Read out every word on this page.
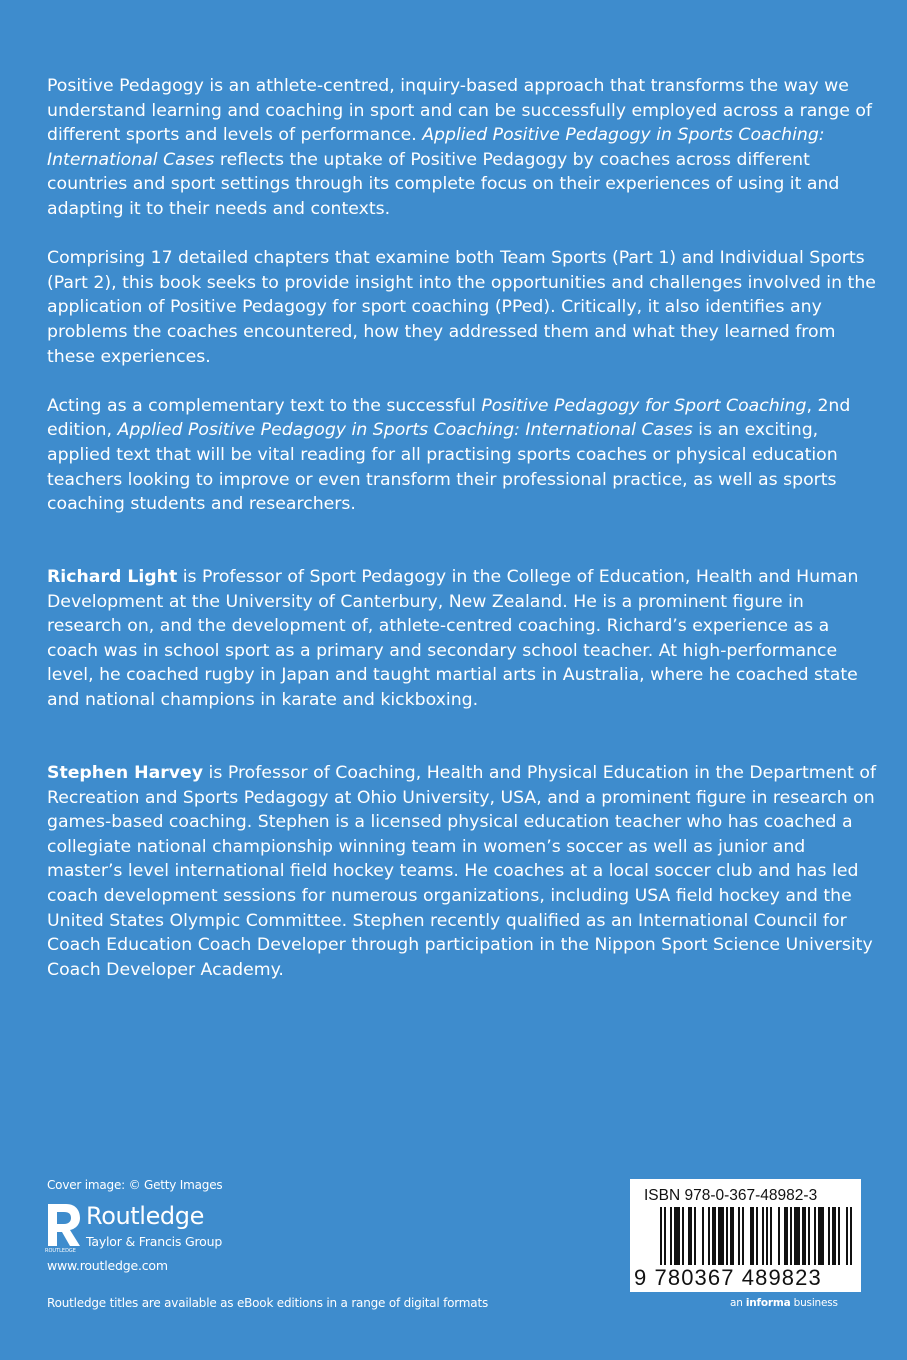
Positive Pedagogy is an athlete-centred, inquiry-based approach that transforms the way we understand learning and coaching in sport and can be successfully employed across a range of different sports and levels of performance. Applied Positive Pedagogy in Sports Coaching: International Cases reflects the uptake of Positive Pedagogy by coaches across different countries and sport settings through its complete focus on their experiences of using it and adapting it to their needs and contexts.

Comprising 17 detailed chapters that examine both Team Sports (Part 1) and Individual Sports (Part 2), this book seeks to provide insight into the opportunities and challenges involved in the application of Positive Pedagogy for sport coaching (PPed). Critically, it also identifies any problems the coaches encountered, how they addressed them and what they learned from these experiences.

Acting as a complementary text to the successful Positive Pedagogy for Sport Coaching, 2nd edition, Applied Positive Pedagogy in Sports Coaching: International Cases is an exciting, applied text that will be vital reading for all practising sports coaches or physical education teachers looking to improve or even transform their professional practice, as well as sports coaching students and researchers.

Richard Light is Professor of Sport Pedagogy in the College of Education, Health and Human Development at the University of Canterbury, New Zealand. He is a prominent figure in research on, and the development of, athlete-centred coaching. Richard’s experience as a coach was in school sport as a primary and secondary school teacher. At high-performance level, he coached rugby in Japan and taught martial arts in Australia, where he coached state and national champions in karate and kickboxing.

Stephen Harvey is Professor of Coaching, Health and Physical Education in the Department of Recreation and Sports Pedagogy at Ohio University, USA, and a prominent figure in research on games-based coaching. Stephen is a licensed physical education teacher who has coached a collegiate national championship winning team in women’s soccer as well as junior and master’s level international field hockey teams. He coaches at a local soccer club and has led coach development sessions for numerous organizations, including USA field hockey and the United States Olympic Committee. Stephen recently qualified as an International Council for Coach Education Coach Developer through participation in the Nippon Sport Science University Coach Developer Academy.

Cover image: © Getty Images
ROUTLEDGE
Routledge
Taylor & Francis Group
www.routledge.com
Routledge titles are available as eBook editions in a range of digital formats
ISBN 978-0-367-48982-3
9 780367 489823
an informa business
